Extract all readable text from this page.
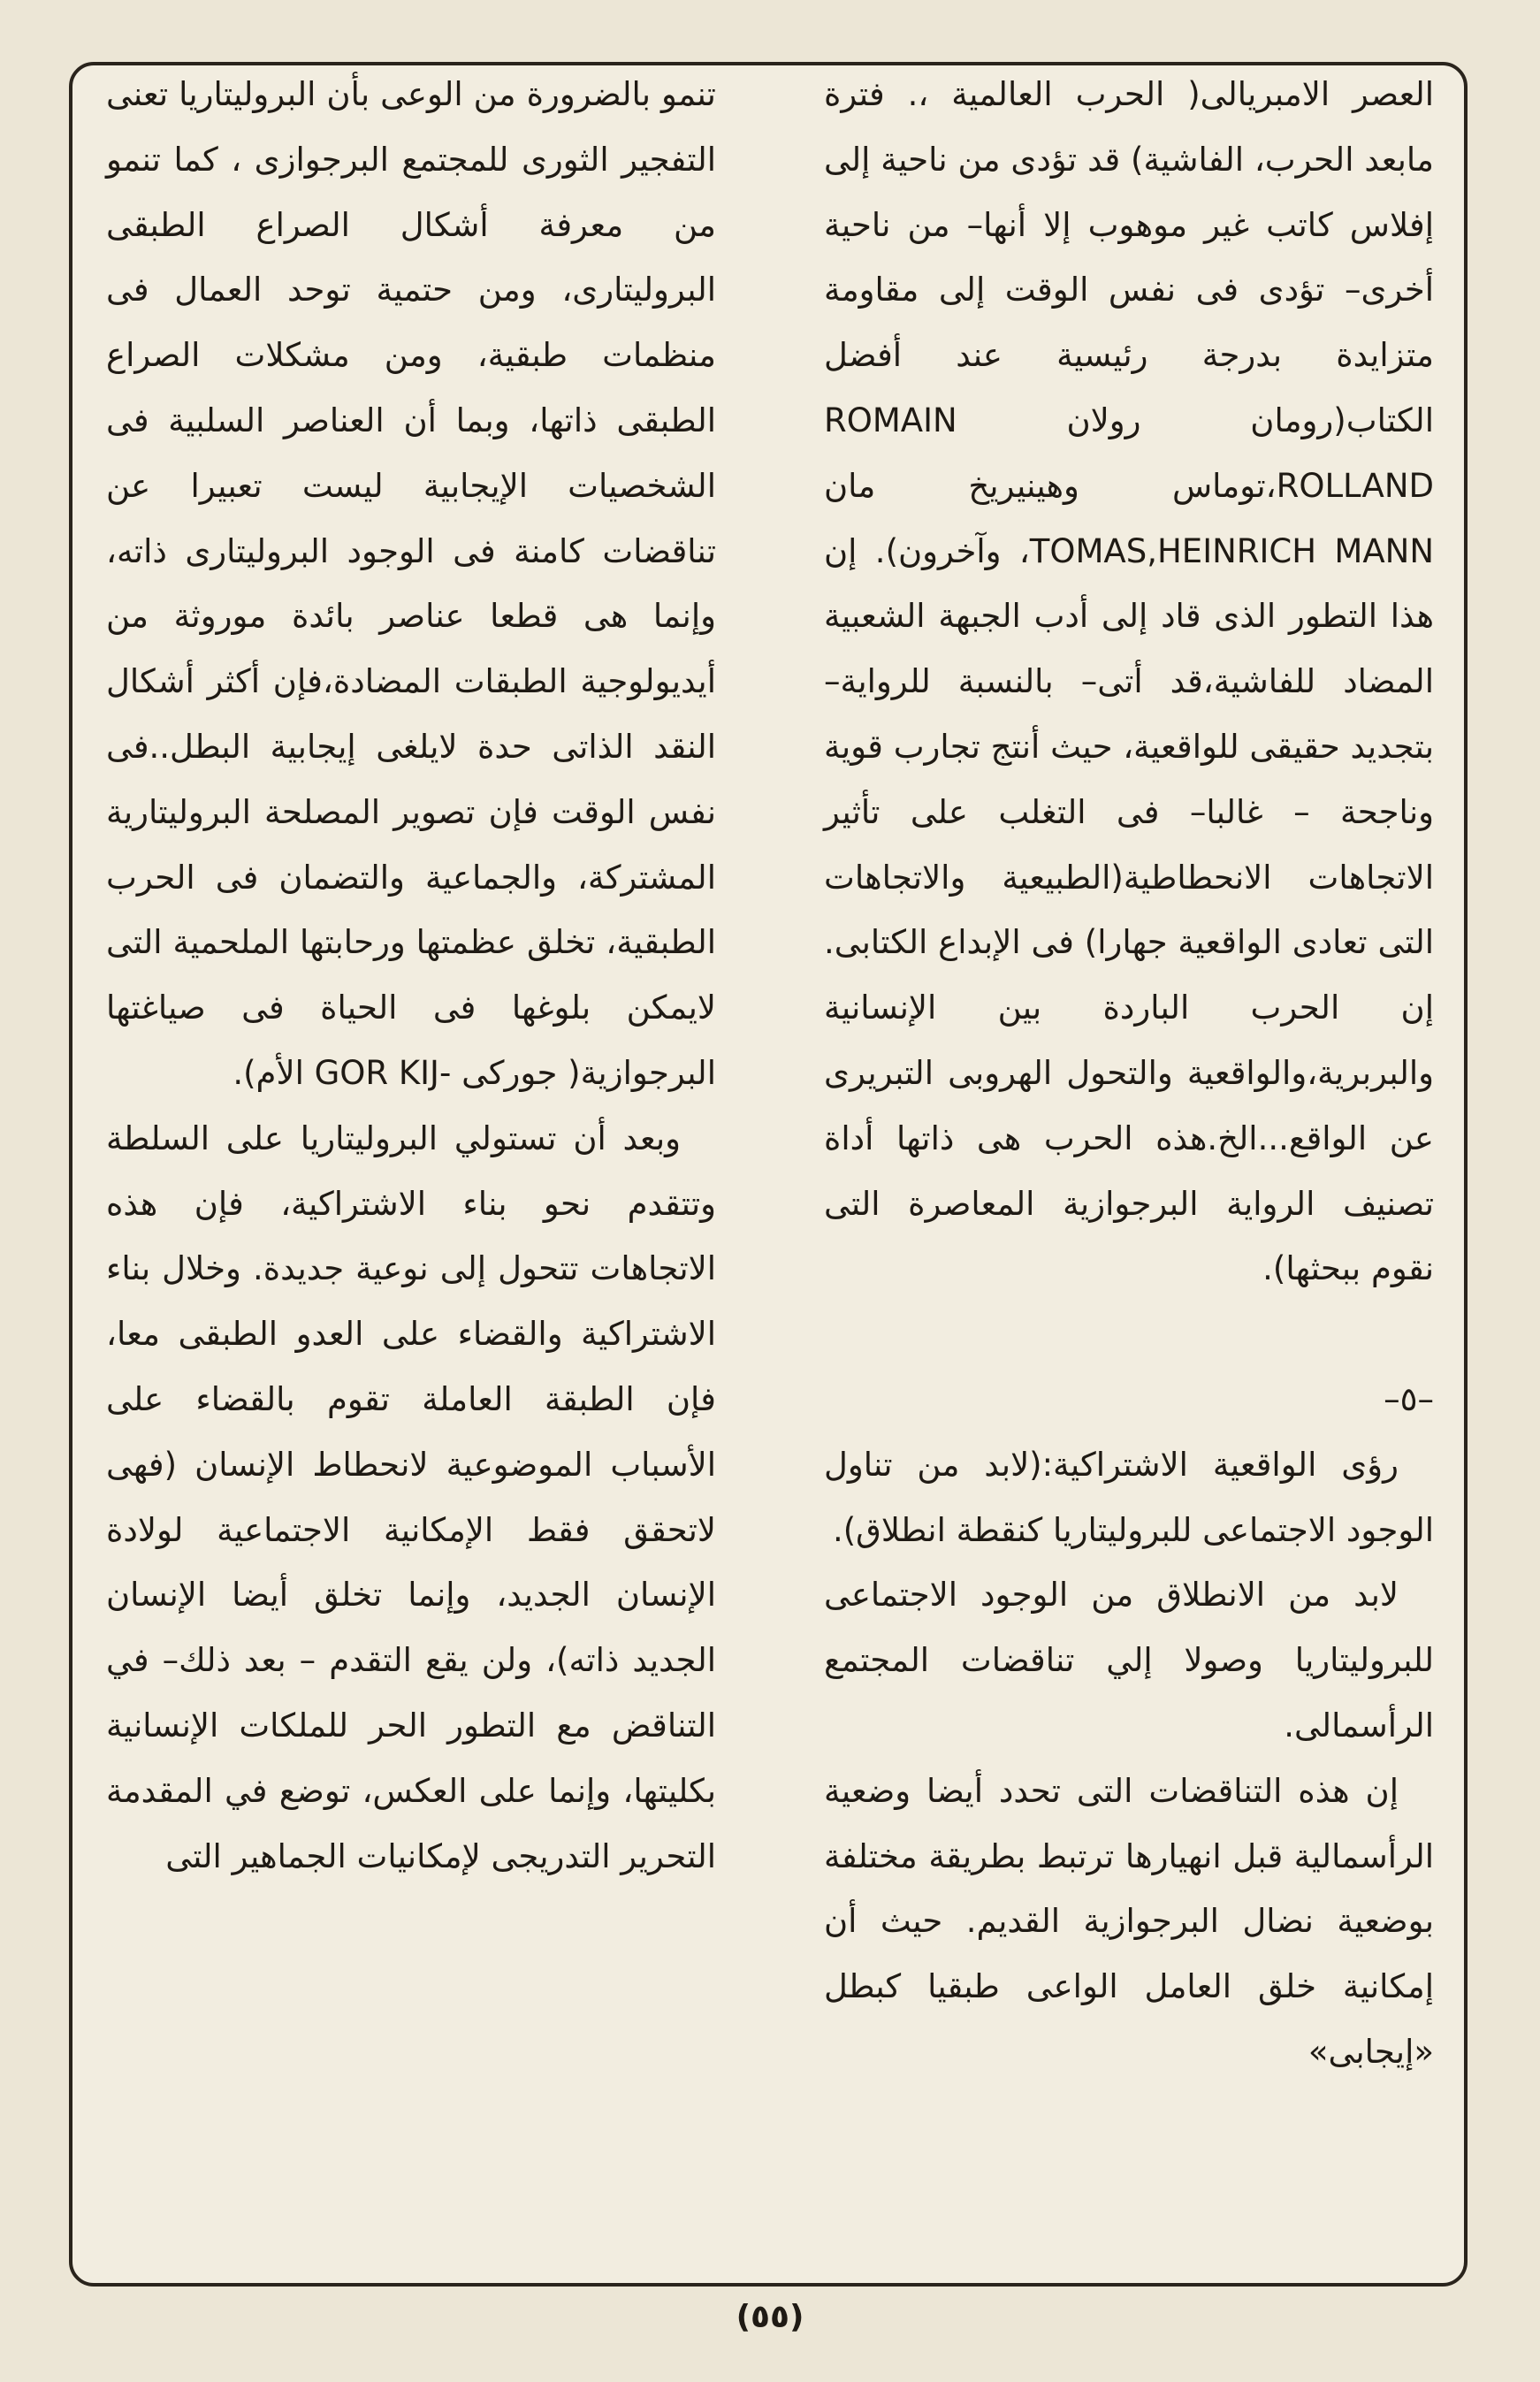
العصر الامبريالى( الحرب العالمية ،. فترة مابعد الحرب، الفاشية) قد تؤدى من ناحية إلى إفلاس كاتب غير موهوب إلا أنها– من ناحية أخرى– تؤدى فى نفس الوقت إلى مقاومة متزايدة بدرجة رئيسية عند أفضل الكتاب(رومان رولان ROMAIN ROLLAND،توماس وهينيريخ مان TOMAS,HEINRICH MANN، وآخرون). إن هذا التطور الذى قاد إلى أدب الجبهة الشعبية المضاد للفاشية،قد أتى– بالنسبة للرواية– بتجديد حقيقى للواقعية، حيث أنتج تجارب قوية وناجحة – غالبا– فى التغلب على تأثير الاتجاهات الانحطاطية(الطبيعية والاتجاهات التى تعادى الواقعية جهارا) فى الإبداع الكتابى. إن الحرب الباردة بين الإنسانية والبربرية،والواقعية والتحول الهروبى التبريرى عن الواقع...الخ.هذه الحرب هى ذاتها أداة تصنيف الرواية البرجوازية المعاصرة التى نقوم ببحثها).

–٥–

رؤى الواقعية الاشتراكية:(لابد من تناول الوجود الاجتماعى للبروليتاريا كنقطة انطلاق).

لابد من الانطلاق من الوجود الاجتماعى للبروليتاريا وصولا إلي تناقضات المجتمع الرأسمالى.

إن هذه التناقضات التى تحدد أيضا وضعية الرأسمالية قبل انهيارها ترتبط بطريقة مختلفة بوضعية نضال البرجوازية القديم. حيث أن إمكانية خلق العامل الواعى طبقيا كبطل «إيجابى»

تنمو بالضرورة من الوعى بأن البروليتاريا تعنى التفجير الثورى للمجتمع البرجوازى ، كما تنمو من معرفة أشكال الصراع الطبقى البروليتارى، ومن حتمية توحد العمال فى منظمات طبقية، ومن مشكلات الصراع الطبقى ذاتها، وبما أن العناصر السلبية فى الشخصيات الإيجابية ليست تعبيرا عن تناقضات كامنة فى الوجود البروليتارى ذاته، وإنما هى قطعا عناصر بائدة موروثة من أيديولوجية الطبقات المضادة،فإن أكثر أشكال النقد الذاتى حدة لايلغى إيجابية البطل..فى نفس الوقت فإن تصوير المصلحة البروليتارية المشتركة، والجماعية والتضمان فى الحرب الطبقية، تخلق عظمتها ورحابتها الملحمية التى لايمكن بلوغها فى الحياة فى صياغتها البرجوازية( جوركى -GOR KIJ الأم).

وبعد أن تستولي البروليتاريا على السلطة وتتقدم نحو بناء الاشتراكية، فإن هذه الاتجاهات تتحول إلى نوعية جديدة. وخلال بناء الاشتراكية والقضاء على العدو الطبقى معا، فإن الطبقة العاملة تقوم بالقضاء على الأسباب الموضوعية لانحطاط الإنسان (فهى لاتحقق فقط الإمكانية الاجتماعية لولادة الإنسان الجديد، وإنما تخلق أيضا الإنسان الجديد ذاته)، ولن يقع التقدم – بعد ذلك– في التناقض مع التطور الحر للملكات الإنسانية بكليتها، وإنما على العكس، توضع في المقدمة التحرير التدريجى لإمكانيات الجماهير التى

(٥٥)
